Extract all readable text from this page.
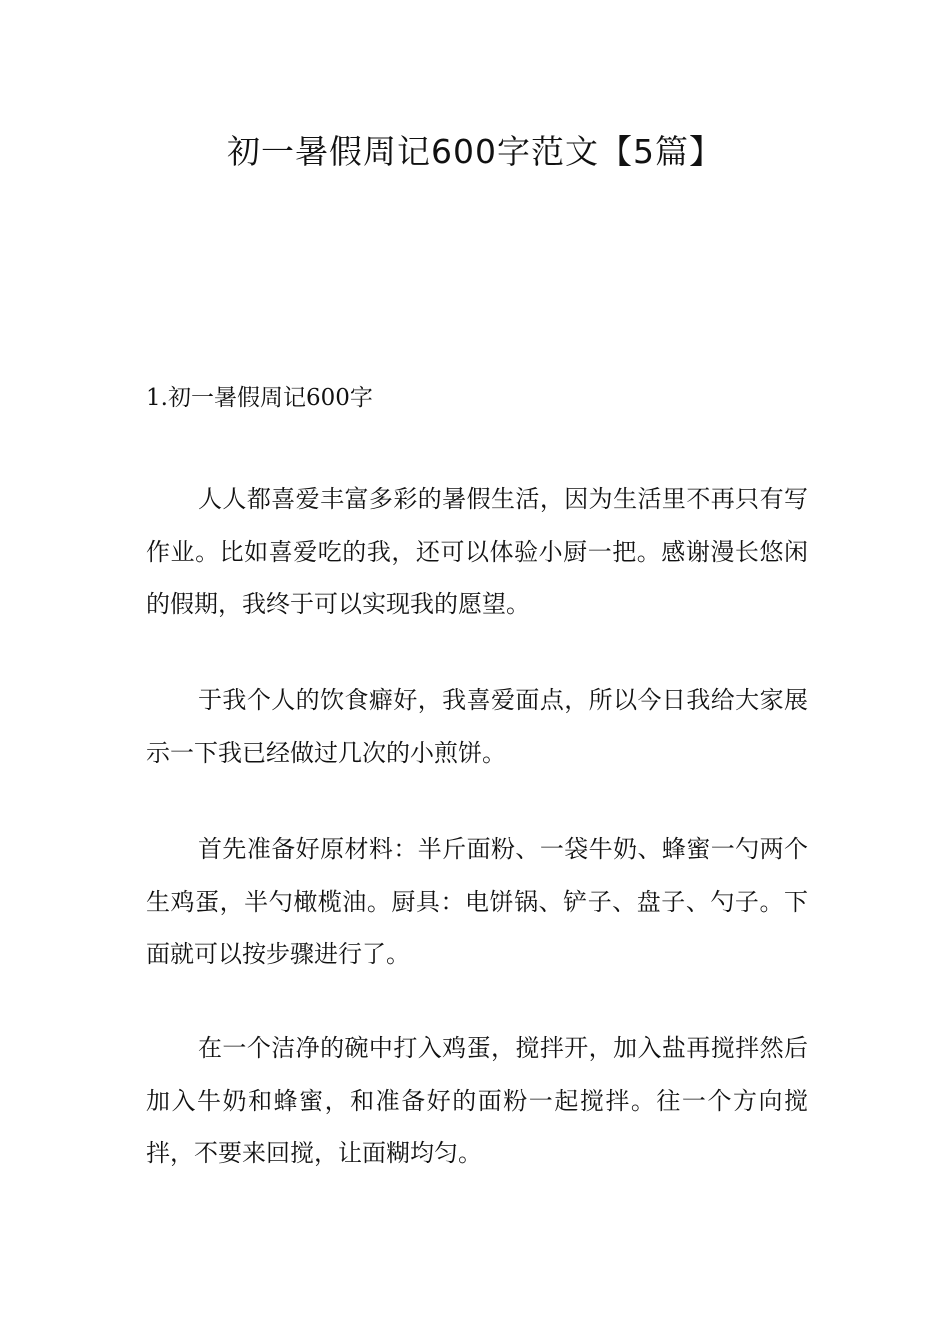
初一暑假周记600字范文【5篇】

1.初一暑假周记600字

人人都喜爱丰富多彩的暑假生活，因为生活里不再只有写作业。比如喜爱吃的我，还可以体验小厨一把。感谢漫长悠闲的假期，我终于可以实现我的愿望。

于我个人的饮食癖好，我喜爱面点，所以今日我给大家展示一下我已经做过几次的小煎饼。

首先准备好原材料：半斤面粉、一袋牛奶、蜂蜜一勺两个生鸡蛋，半勺橄榄油。厨具：电饼锅、铲子、盘子、勺子。下面就可以按步骤进行了。

在一个洁净的碗中打入鸡蛋，搅拌开，加入盐再搅拌然后加入牛奶和蜂蜜，和准备好的面粉一起搅拌。往一个方向搅拌，不要来回搅，让面糊均匀。
